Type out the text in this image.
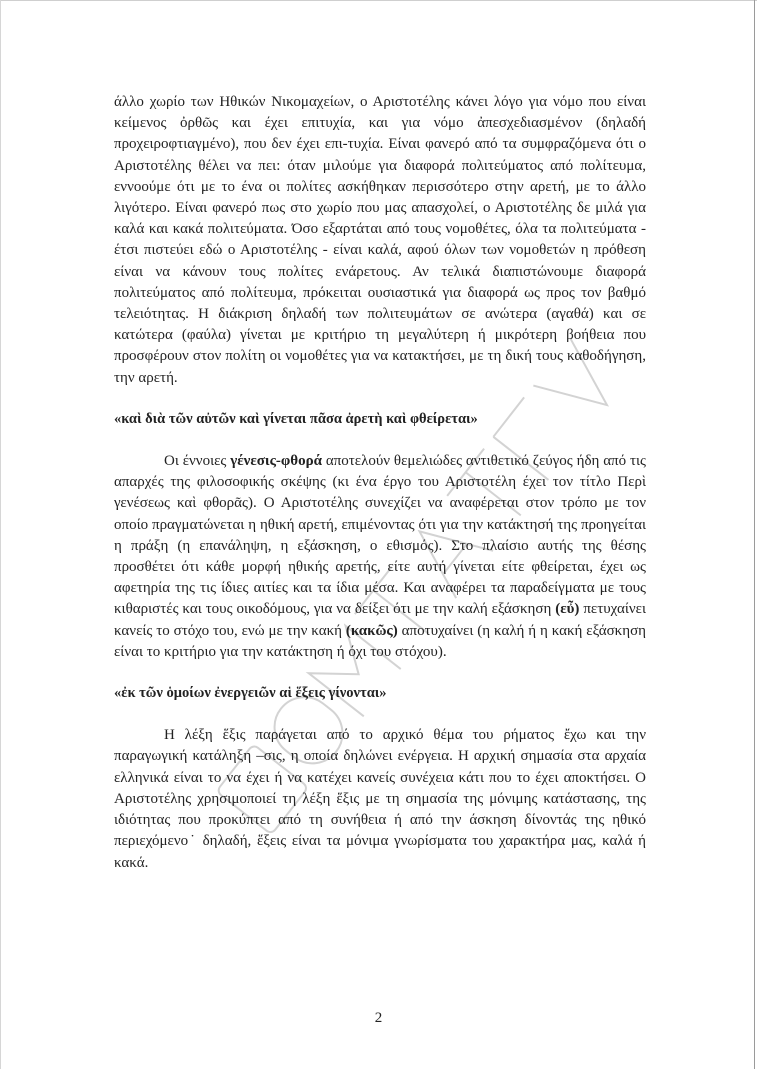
άλλο χωρίο των Ηθικών Νικομαχείων, ο Αριστοτέλης κάνει λόγο για νόμο που είναι κείμενος ὀρθῶς και έχει επιτυχία, και για νόμο ἀπεσχεδιασμένον (δηλαδή προχειροφτιαγμένο), που δεν έχει επι-τυχία. Είναι φανερό από τα συμφραζόμενα ότι ο Αριστοτέλης θέλει να πει: όταν μιλούμε για διαφορά πολιτεύματος από πολίτευμα, εννοούμε ότι με το ένα οι πολίτες ασκήθηκαν περισσότερο στην αρετή, με το άλλο λιγότερο. Είναι φανερό πως στο χωρίο που μας απασχολεί, ο Αριστοτέλης δε μιλά για καλά και κακά πολιτεύματα. Όσο εξαρτάται από τους νομοθέτες, όλα τα πολιτεύματα - έτσι πιστεύει εδώ ο Αριστοτέλης - είναι καλά, αφού όλων των νομοθετών η πρόθεση είναι να κάνουν τους πολίτες ενάρετους. Αν τελικά διαπιστώνουμε διαφορά πολιτεύματος από πολίτευμα, πρόκειται ουσιαστικά για διαφορά ως προς τον βαθμό τελειότητας. Η διάκριση δηλαδή των πολιτευμάτων σε ανώτερα (αγαθά) και σε κατώτερα (φαύλα) γίνεται με κριτήριο τη μεγαλύτερη ή μικρότερη βοήθεια που προσφέρουν στον πολίτη οι νομοθέτες για να κατακτήσει, με τη δική τους καθοδήγηση, την αρετή.

«καὶ διὰ τῶν αὐτῶν καὶ γίνεται πᾶσα ἀρετὴ καὶ φθείρεται»

Οι έννοιες γένεσις-φθορά αποτελούν θεμελιώδες αντιθετικό ζεύγος ήδη από τις απαρχές της φιλοσοφικής σκέψης (κι ένα έργο του Αριστοτέλη έχει τον τίτλο Περὶ γενέσεως καὶ φθορᾶς). Ο Αριστοτέλης συνεχίζει να αναφέρεται στον τρόπο με τον οποίο πραγματώνεται η ηθική αρετή, επιμένοντας ότι για την κατάκτησή της προηγείται η πράξη (η επανάληψη, η εξάσκηση, ο εθισμός). Στο πλαίσιο αυτής της θέσης προσθέτει ότι κάθε μορφή ηθικής αρετής, είτε αυτή γίνεται είτε φθείρεται, έχει ως αφετηρία της τις ίδιες αιτίες και τα ίδια μέσα. Και αναφέρει τα παραδείγματα με τους κιθαριστές και τους οικοδόμους, για να δείξει ότι με την καλή εξάσκηση (εὖ) πετυχαίνει κανείς το στόχο του, ενώ με την κακή (κακῶς) αποτυχαίνει (η καλή ή η κακή εξάσκηση είναι το κριτήριο για την κατάκτηση ή όχι του στόχου).

«ἐκ τῶν ὁμοίων ἐνεργειῶν αἱ ἕξεις γίνονται»

Η λέξη ἕξις παράγεται από το αρχικό θέμα του ρήματος ἔχω και την παραγωγική κατάληξη –σις, η οποία δηλώνει ενέργεια. Η αρχική σημασία στα αρχαία ελληνικά είναι το να έχει ή να κατέχει κανείς συνέχεια κάτι που το έχει αποκτήσει. Ο Αριστοτέλης χρησιμοποιεί τη λέξη ἕξις με τη σημασία της μόνιμης κατάστασης, της ιδιότητας που προκύπτει από τη συνήθεια ή από την άσκηση δίνοντάς της ηθικό περιεχόμενο˙ δηλαδή, ἕξεις είναι τα μόνιμα γνωρίσματα του χαρακτήρα μας, καλά ή κακά.

2
